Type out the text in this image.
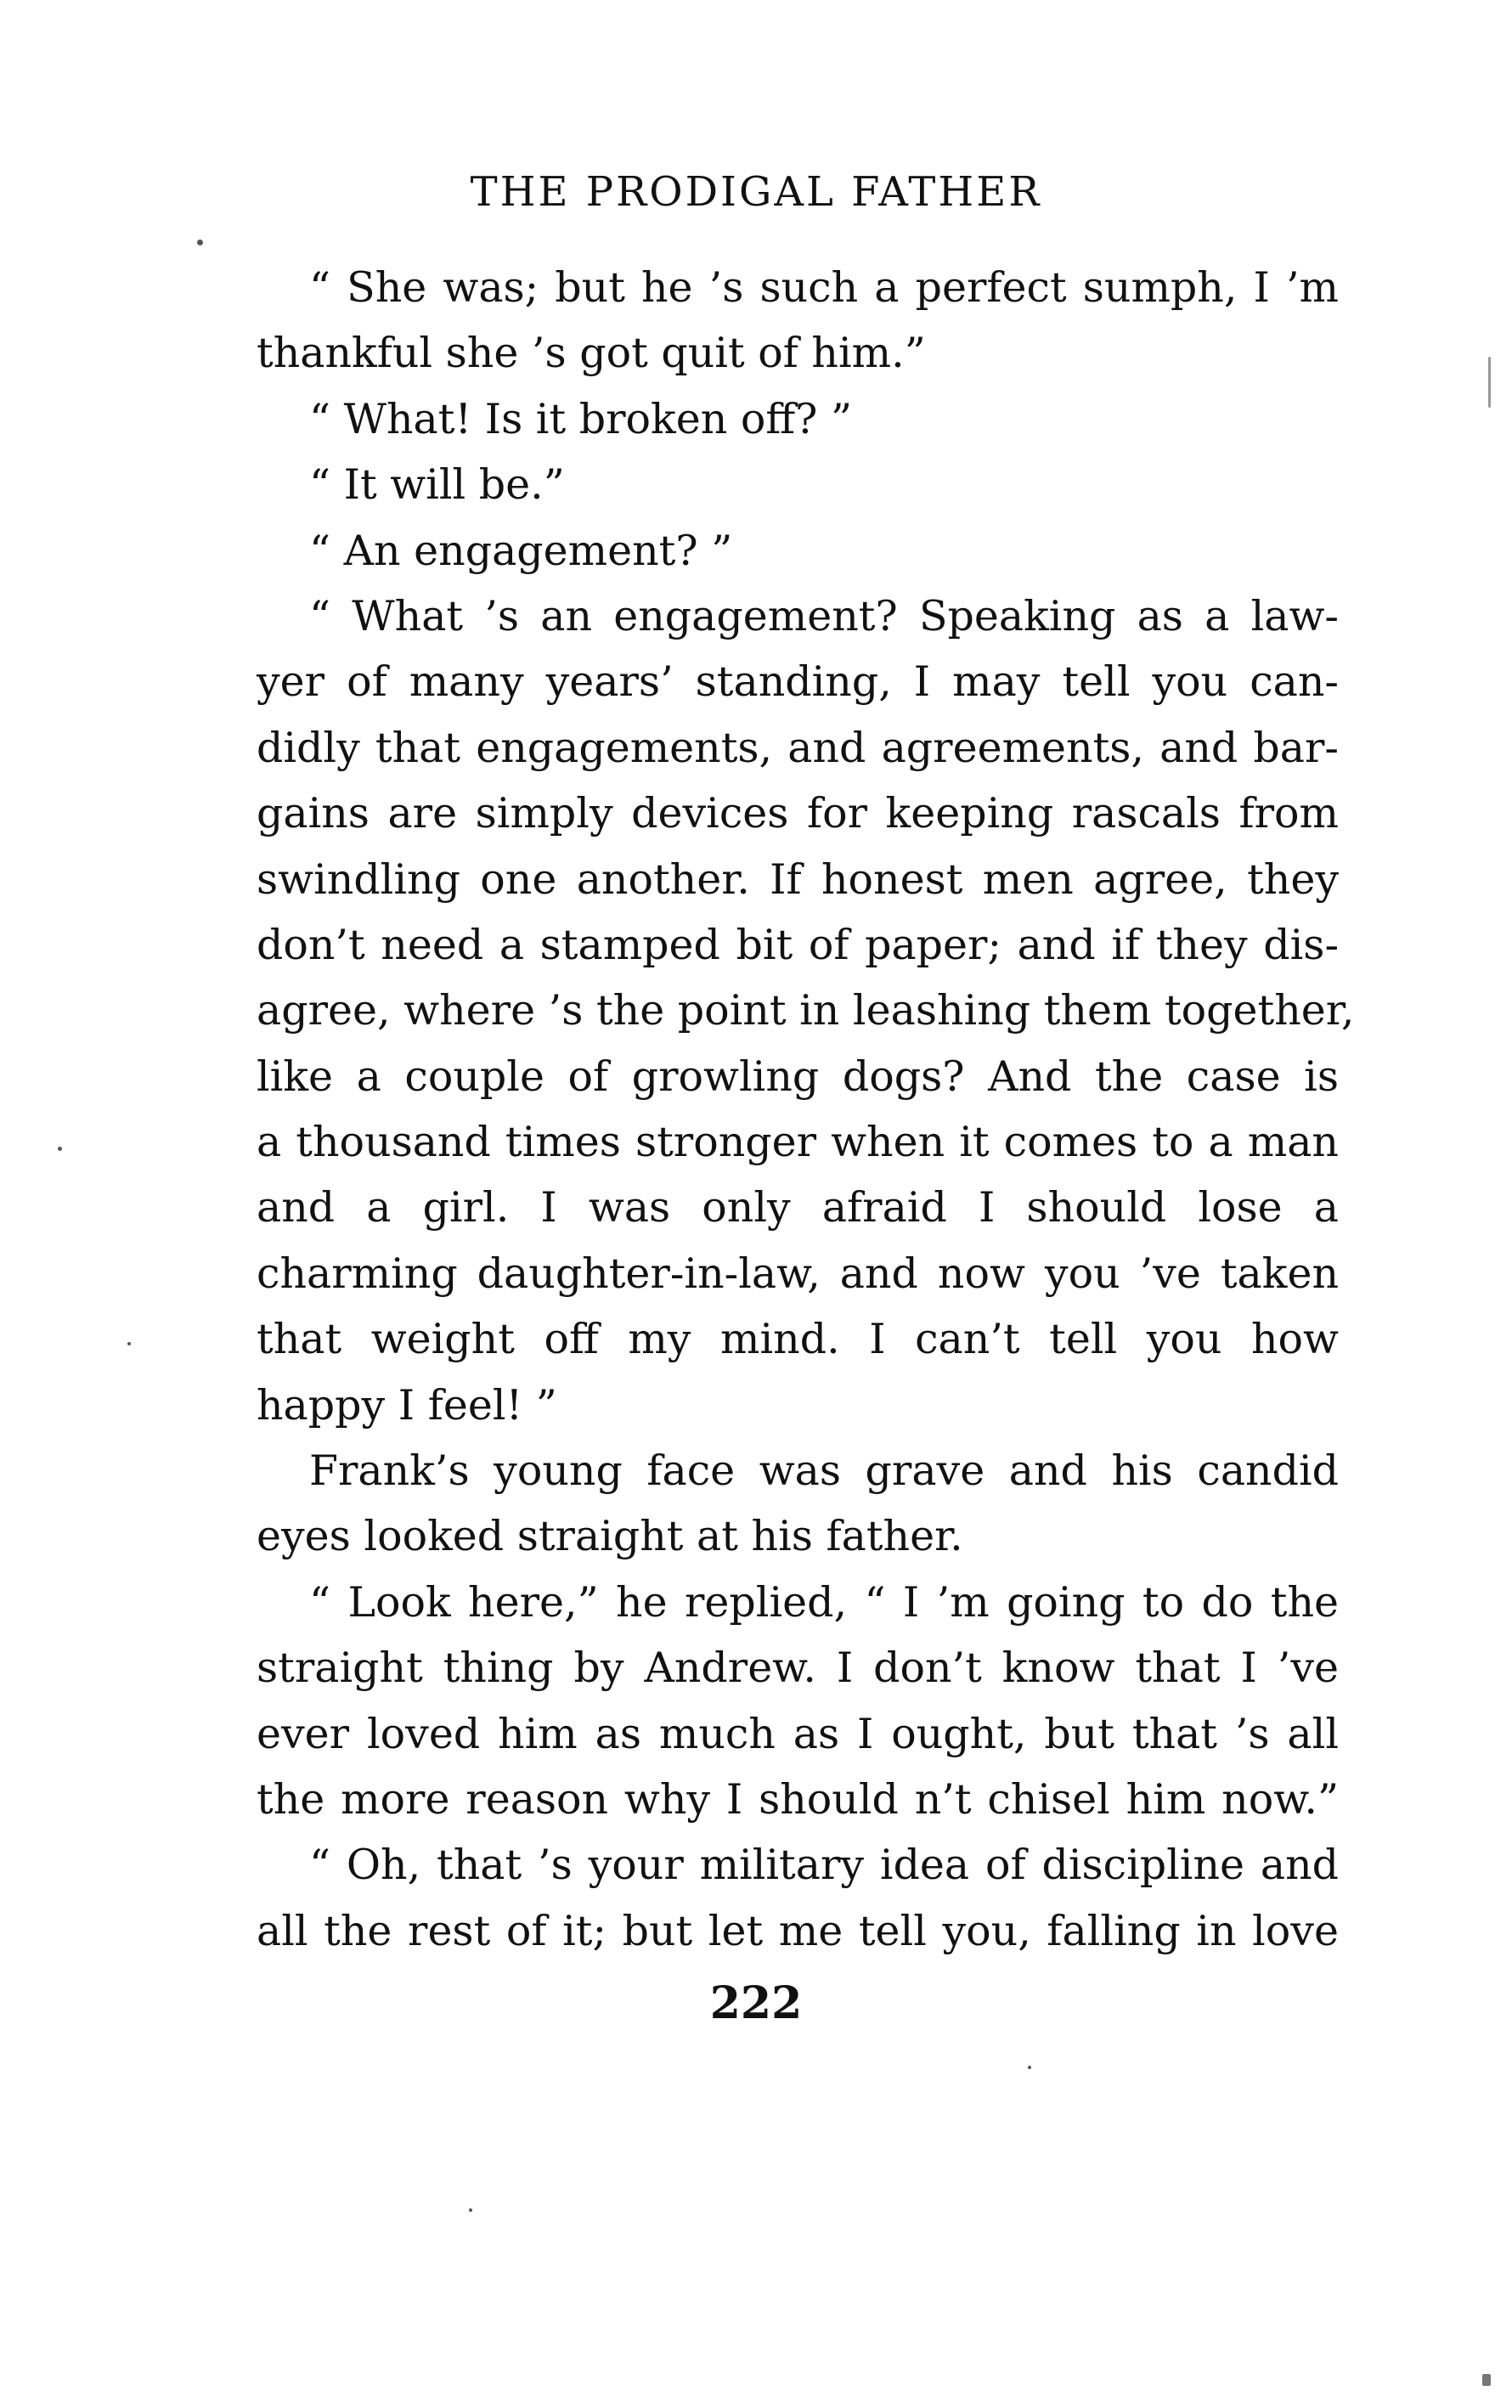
THE PRODIGAL FATHER
“ She was; but he ’s such a perfect sumph, I ’m
thankful she ’s got quit of him.”
“ What! Is it broken off? ”
“ It will be.”
“ An engagement? ”
“ What ’s an engagement? Speaking as a law-
yer of many years’ standing, I may tell you can-
didly that engagements, and agreements, and bar-
gains are simply devices for keeping rascals from
swindling one another. If honest men agree, they
don’t need a stamped bit of paper; and if they dis-
agree, where ’s the point in leashing them together,
like a couple of growling dogs? And the case is
a thousand times stronger when it comes to a man
and a girl. I was only afraid I should lose a
charming daughter-in-law, and now you ’ve taken
that weight off my mind. I can’t tell you how
happy I feel! ”
Frank’s young face was grave and his candid
eyes looked straight at his father.
“ Look here,” he replied, “ I ’m going to do the
straight thing by Andrew. I don’t know that I ’ve
ever loved him as much as I ought, but that ’s all
the more reason why I should n’t chisel him now.”
“ Oh, that ’s your military idea of discipline and
all the rest of it; but let me tell you, falling in love
222
